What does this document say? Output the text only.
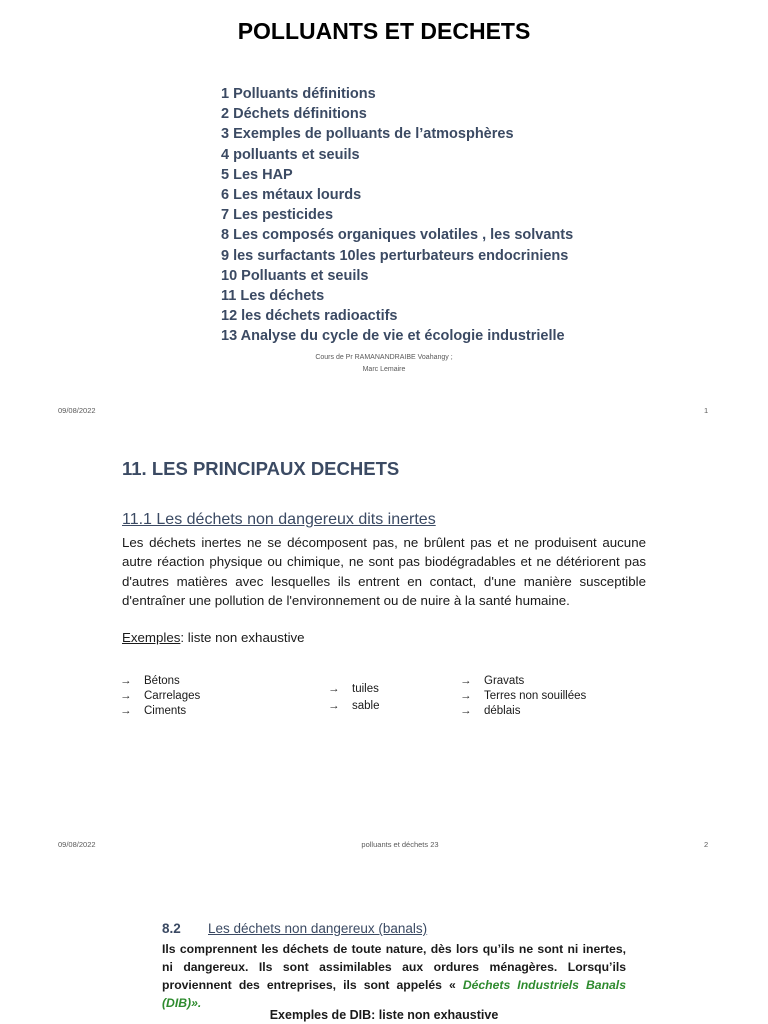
POLLUANTS ET DECHETS
1 Polluants définitions
2 Déchets définitions
3 Exemples de polluants de l’atmosphères
4 polluants et seuils
5 Les HAP
6 Les métaux lourds
7 Les pesticides
8 Les composés organiques volatiles , les solvants
9 les surfactants 10les perturbateurs endocriniens
10 Polluants et seuils
11 Les déchets
12 les déchets radioactifs
13 Analyse du cycle de vie et écologie industrielle
Cours de Pr RAMANANDRAIBE Voahangy ;
Marc Lemaire
09/08/2022	1
11. LES PRINCIPAUX DECHETS
11.1 Les déchets non dangereux dits inertes
Les déchets inertes ne se décomposent pas, ne brûlent pas et ne produisent aucune autre réaction physique ou chimique, ne sont pas biodégradables et ne détériorent pas d'autres matières avec lesquelles ils entrent en contact, d'une manière susceptible d'entraîner une pollution de l'environnement ou de nuire à la santé humaine.
Exemples: liste non exhaustive
→ Bétons
→ Carrelages
→ Ciments
→ tuiles
→ sable
→ Gravats
→ Terres non souillées
→ déblais
09/08/2022	polluants et déchets 23	2
8.2 Les déchets non dangereux (banals)
Ils comprennent les déchets de toute nature, dès lors qu’ils ne sont ni inertes, ni dangereux. Ils sont assimilables aux ordures ménagères. Lorsqu’ils proviennent des entreprises, ils sont appelés « Déchets Industriels Banals (DIB)».
Exemples de DIB: liste non exhaustive
